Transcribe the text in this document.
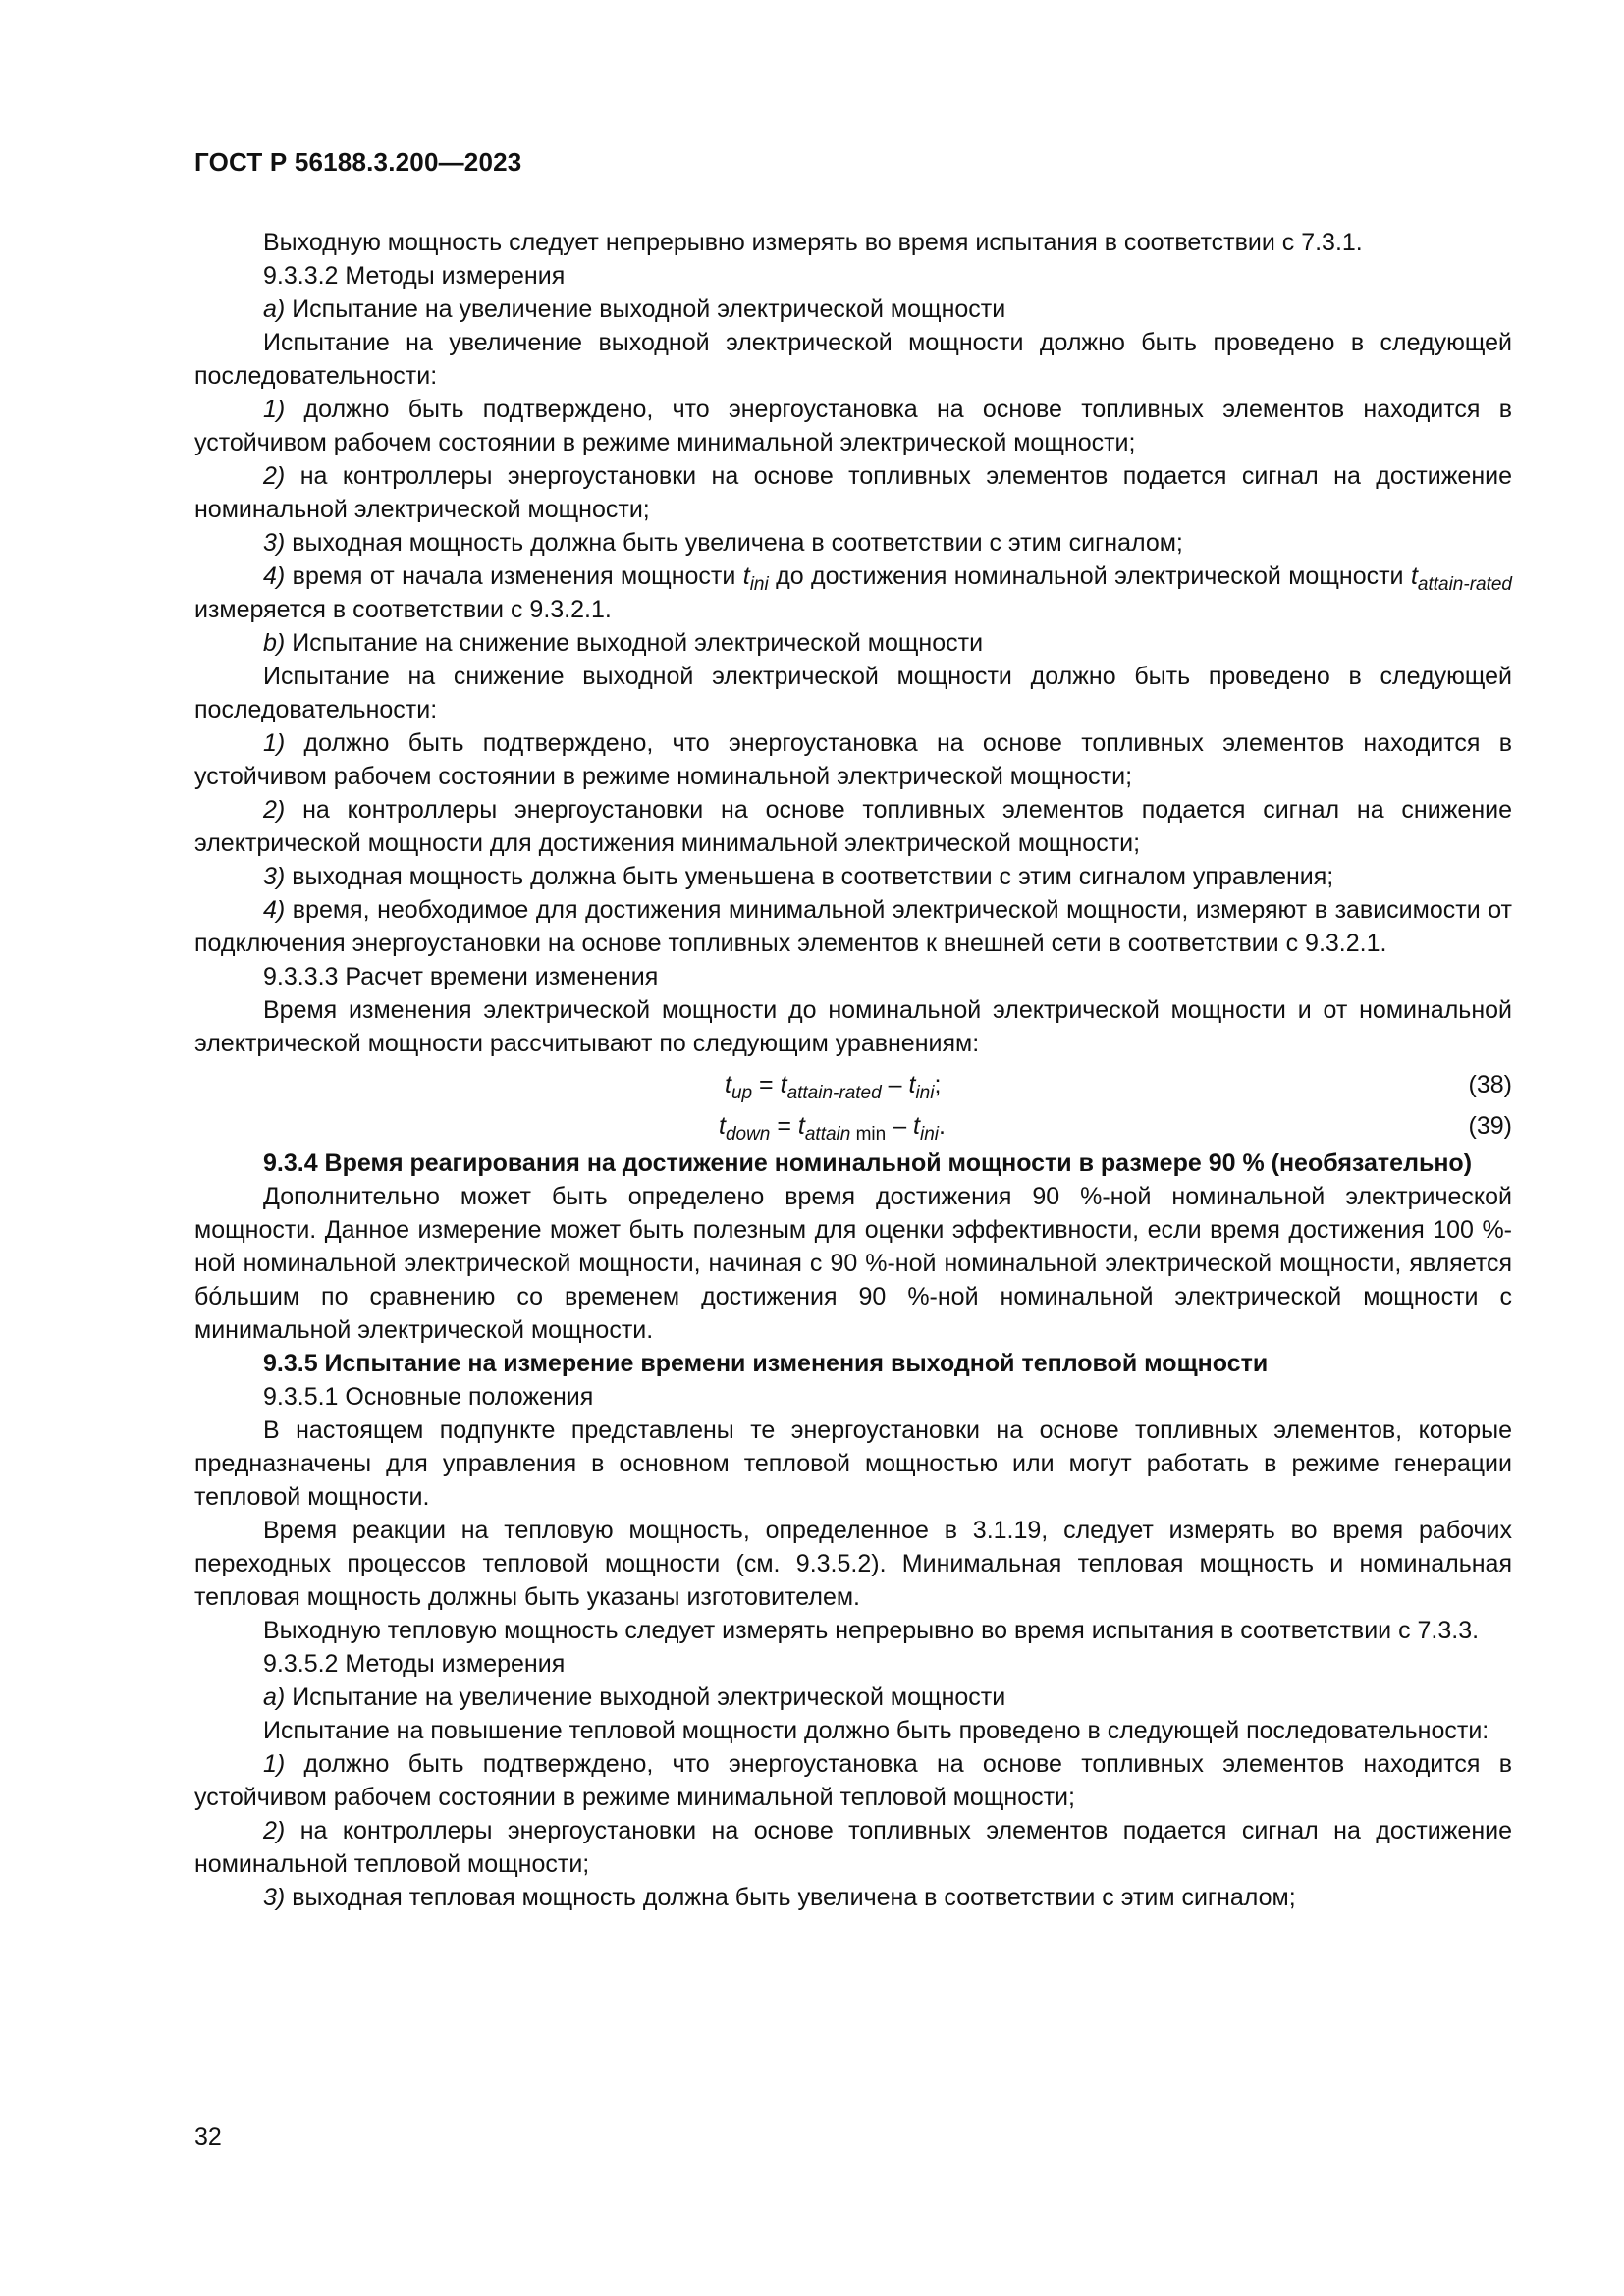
ГОСТ Р 56188.3.200—2023

Выходную мощность следует непрерывно измерять во время испытания в соответствии с 7.3.1.

9.3.3.2 Методы измерения

a) Испытание на увеличение выходной электрической мощности

Испытание на увеличение выходной электрической мощности должно быть проведено в следующей последовательности:

1) должно быть подтверждено, что энергоустановка на основе топливных элементов находится в устойчивом рабочем состоянии в режиме минимальной электрической мощности;

2) на контроллеры энергоустановки на основе топливных элементов подается сигнал на достижение номинальной электрической мощности;

3) выходная мощность должна быть увеличена в соответствии с этим сигналом;

4) время от начала изменения мощности $t_{ini}$ до достижения номинальной электрической мощности $t_{attain-rated}$ измеряется в соответствии с 9.3.2.1.

b) Испытание на снижение выходной электрической мощности

Испытание на снижение выходной электрической мощности должно быть проведено в следующей последовательности:

1) должно быть подтверждено, что энергоустановка на основе топливных элементов находится в устойчивом рабочем состоянии в режиме номинальной электрической мощности;

2) на контроллеры энергоустановки на основе топливных элементов подается сигнал на снижение электрической мощности для достижения минимальной электрической мощности;

3) выходная мощность должна быть уменьшена в соответствии с этим сигналом управления;

4) время, необходимое для достижения минимальной электрической мощности, измеряют в зависимости от подключения энергоустановки на основе топливных элементов к внешней сети в соответствии с 9.3.2.1.

9.3.3.3 Расчет времени изменения

Время изменения электрической мощности до номинальной электрической мощности и от номинальной электрической мощности рассчитывают по следующим уравнениям:

$t_{up} = t_{attain-rated} - t_{ini}$;	(38)
$t_{down} = t_{attain min} - t_{ini}$.	(39)

9.3.4 Время реагирования на достижение номинальной мощности в размере 90 % (необязательно)

Дополнительно может быть определено время достижения 90 %-ной номинальной электрической мощности. Данное измерение может быть полезным для оценки эффективности, если время достижения 100 %-ной номинальной электрической мощности, начиная с 90 %-ной номинальной электрической мощности, является бóльшим по сравнению со временем достижения 90 %-ной номинальной электрической мощности с минимальной электрической мощности.

9.3.5 Испытание на измерение времени изменения выходной тепловой мощности

9.3.5.1 Основные положения

В настоящем подпункте представлены те энергоустановки на основе топливных элементов, которые предназначены для управления в основном тепловой мощностью или могут работать в режиме генерации тепловой мощности.

Время реакции на тепловую мощность, определенное в 3.1.19, следует измерять во время рабочих переходных процессов тепловой мощности (см. 9.3.5.2). Минимальная тепловая мощность и номинальная тепловая мощность должны быть указаны изготовителем.

Выходную тепловую мощность следует измерять непрерывно во время испытания в соответствии с 7.3.3.

9.3.5.2 Методы измерения

a) Испытание на увеличение выходной электрической мощности

Испытание на повышение тепловой мощности должно быть проведено в следующей последовательности:

1) должно быть подтверждено, что энергоустановка на основе топливных элементов находится в устойчивом рабочем состоянии в режиме минимальной тепловой мощности;

2) на контроллеры энергоустановки на основе топливных элементов подается сигнал на достижение номинальной тепловой мощности;

3) выходная тепловая мощность должна быть увеличена в соответствии с этим сигналом;

32
